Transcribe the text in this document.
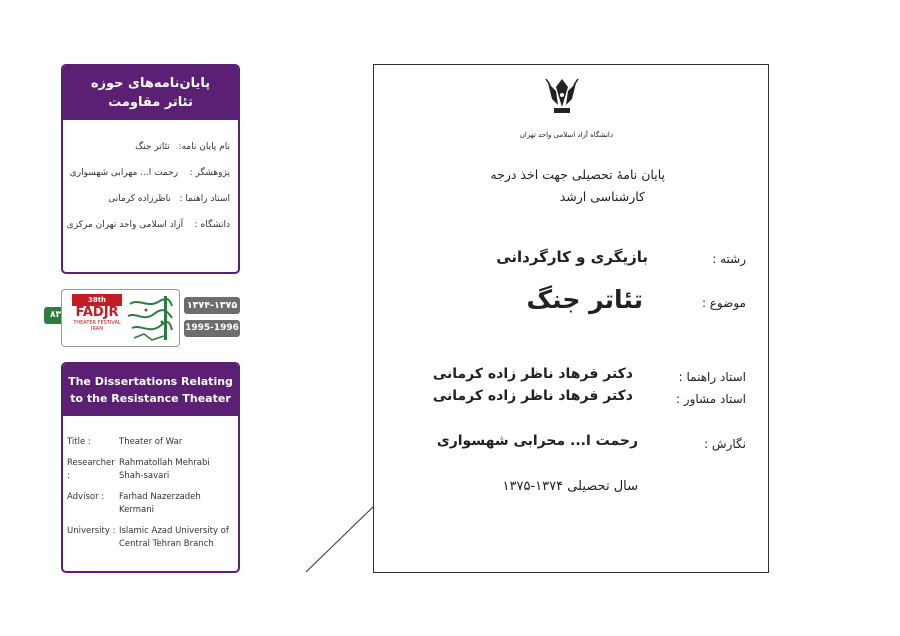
پایان‌نامه‌های حوزه
تئاتر مقاومت
نام پایان نامه:   تئاتر جنگ
پژوهشگر :    رحمت ا... مهرابی شهسواری
استاد راهنما :   ناظرزاده کرمانی
دانشگاه :    آزاد اسلامی واحد تهران مرکزی
۸۳
38th
FADJR
THEATER FESTIVAL
IRAN
۱۳۷۴-۱۳۷۵
1995-1996
The Dissertations Relating
to the Resistance Theater
Title :	Theater of War
Researcher :
Rahmatollah Mehrabi Shah-savari
Advisor :	Farhad Nazerzadeh Kermani
University : Islamic Azad University of Central Tehran Branch
دانشگاه آزاد اسلامی واحد تهران
پایان نامهٔ تحصیلی جهت اخذ درجه
کارشناسی ارشد
رشته :
بازیگری و کارگردانی
موضوع :
تئاتر جنگ
استاد راهنما :
دکتر فرهاد ناظر زاده کرمانی
استاد مشاور :
دکتر فرهاد ناظر زاده کرمانی
نگارش :
رحمت ا... محرابی شهسواری
سال تحصیلی ۱۳۷۴-۱۳۷۵
